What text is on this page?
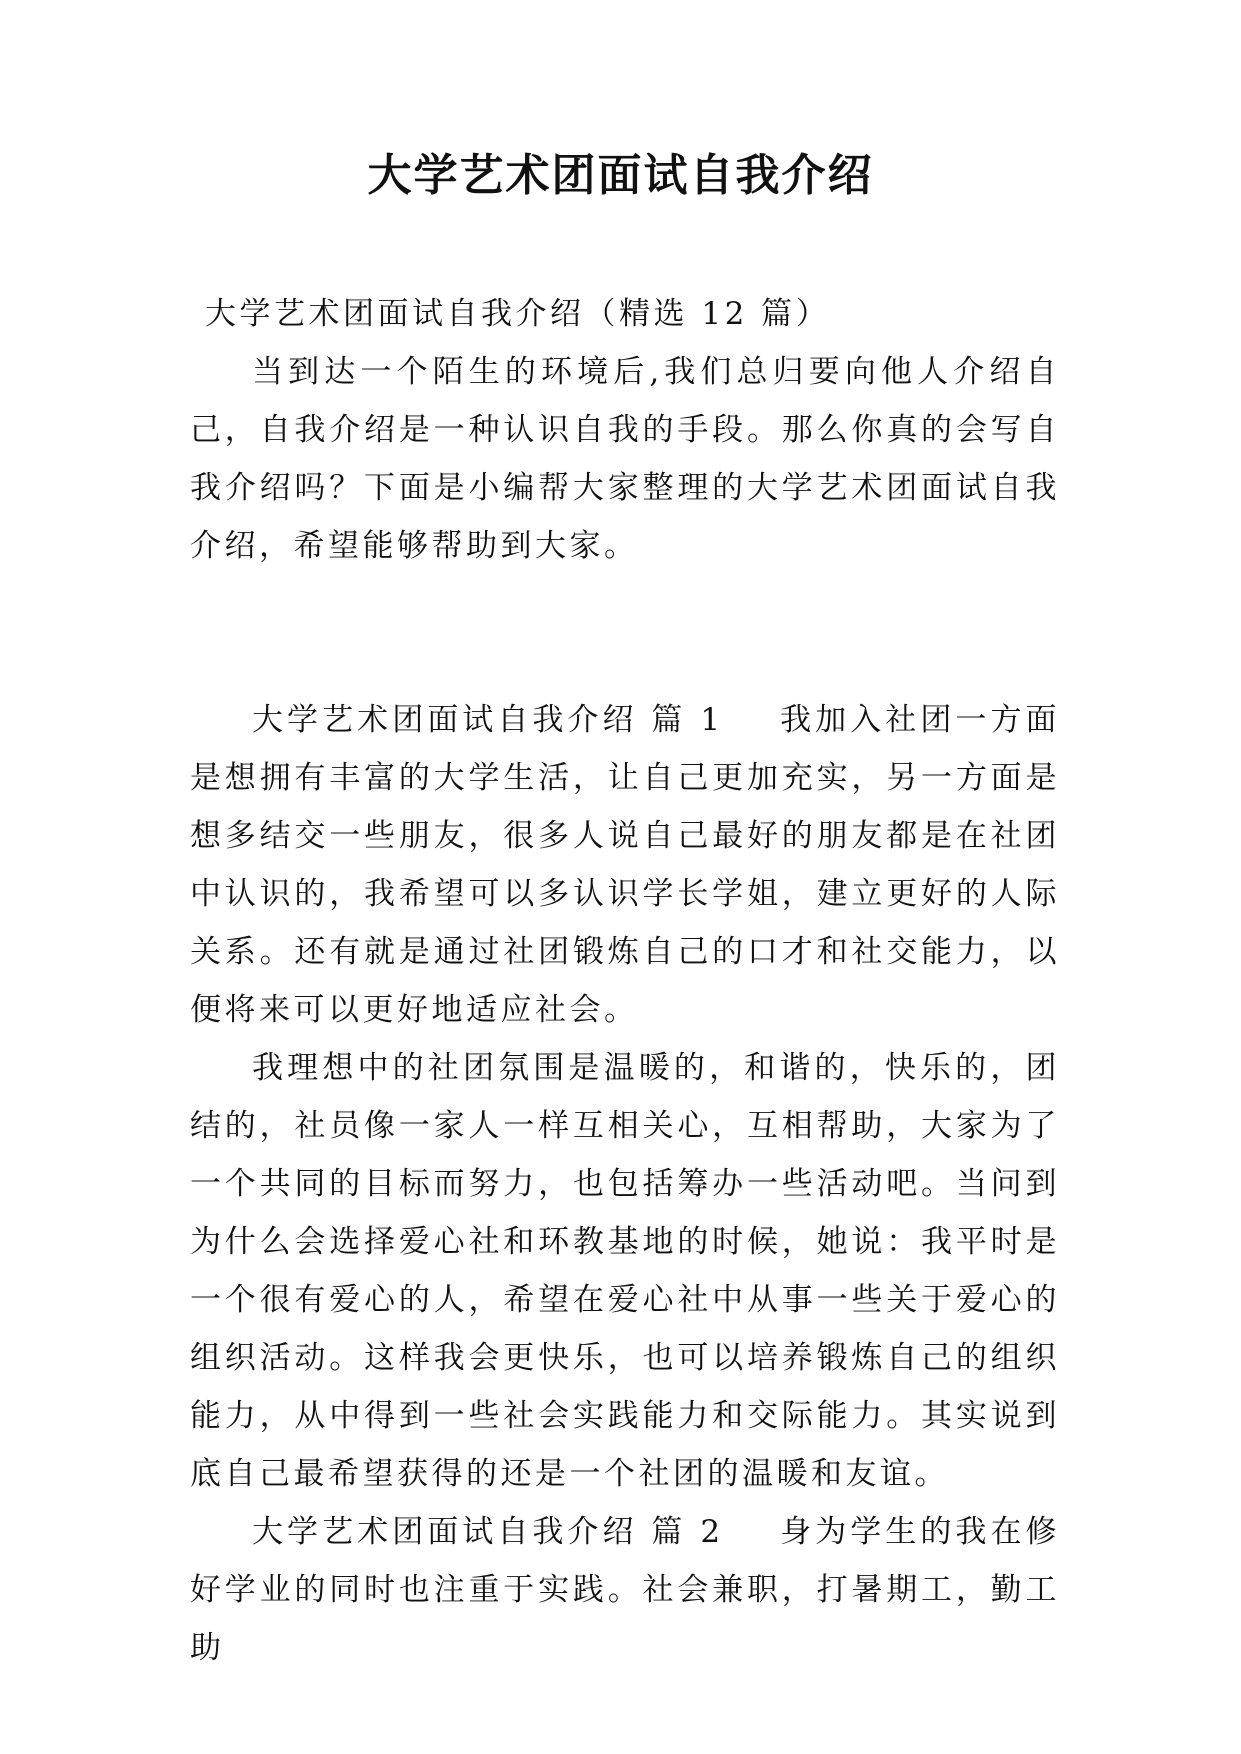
大学艺术团面试自我介绍

大学艺术团面试自我介绍（精选 12 篇）

当到达一个陌生的环境后,我们总归要向他人介绍自己，自我介绍是一种认识自我的手段。那么你真的会写自我介绍吗？下面是小编帮大家整理的大学艺术团面试自我介绍，希望能够帮助到大家。

大学艺术团面试自我介绍 篇 1 我加入社团一方面是想拥有丰富的大学生活，让自己更加充实，另一方面是想多结交一些朋友，很多人说自己最好的朋友都是在社团中认识的，我希望可以多认识学长学姐，建立更好的人际关系。还有就是通过社团锻炼自己的口才和社交能力，以便将来可以更好地适应社会。

我理想中的社团氛围是温暖的，和谐的，快乐的，团结的，社员像一家人一样互相关心，互相帮助，大家为了一个共同的目标而努力，也包括筹办一些活动吧。当问到为什么会选择爱心社和环教基地的时候，她说：我平时是一个很有爱心的人，希望在爱心社中从事一些关于爱心的组织活动。这样我会更快乐，也可以培养锻炼自己的组织能力，从中得到一些社会实践能力和交际能力。其实说到底自己最希望获得的还是一个社团的温暖和友谊。

大学艺术团面试自我介绍 篇 2 身为学生的我在修好学业的同时也注重于实践。社会兼职，打暑期工，勤工助
